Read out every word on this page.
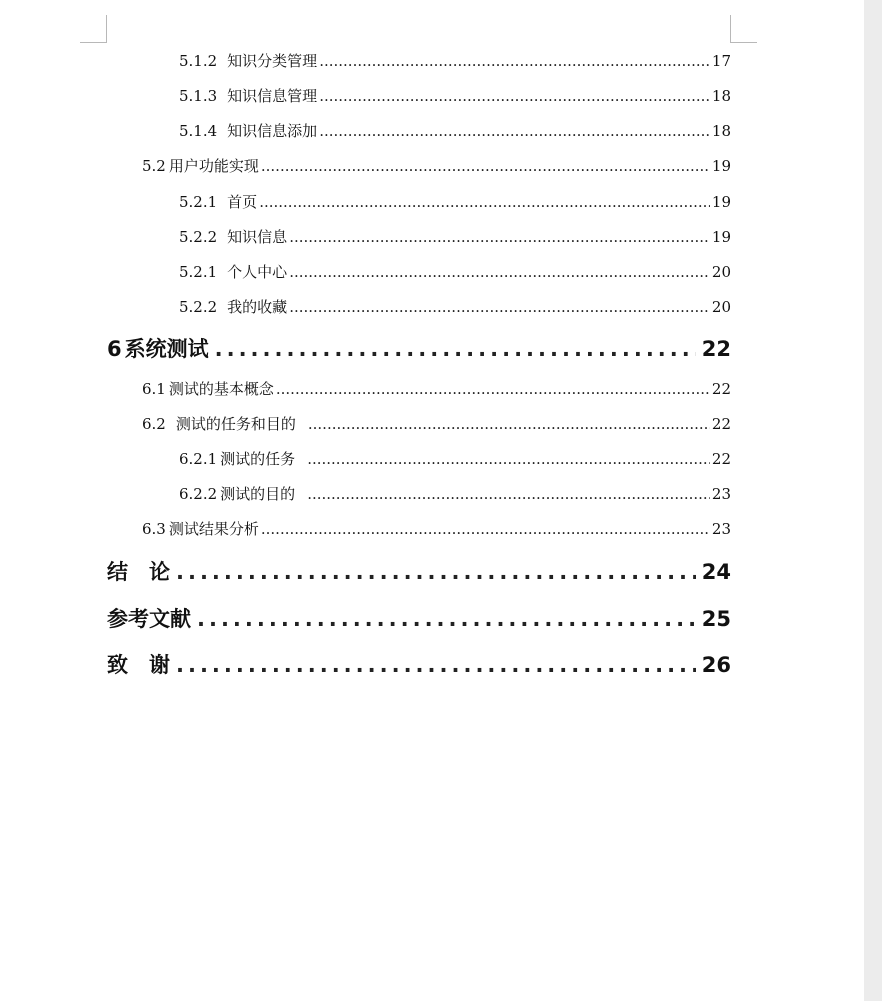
5.1.2 知识分类管理 .....	17
5.1.3 知识信息管理 .....	18
5.1.4 知识信息添加 .....	18
5.2 用户功能实现 .....	19
5.2.1 首页 .....	19
5.2.2 知识信息 .....	19
5.2.1 个人中心 .....	20
5.2.2 我的收藏 .....	20
6 系统测试 .....	22
6.1 测试的基本概念 .....	22
6.2 测试的任务和目的 .....	22
6.2.1 测试的任务 .....	22
6.2.2 测试的目的 .....	23
6.3 测试结果分析 .....	23
结　论 .....	24
参考文献 .....	25
致　谢 .....	26
